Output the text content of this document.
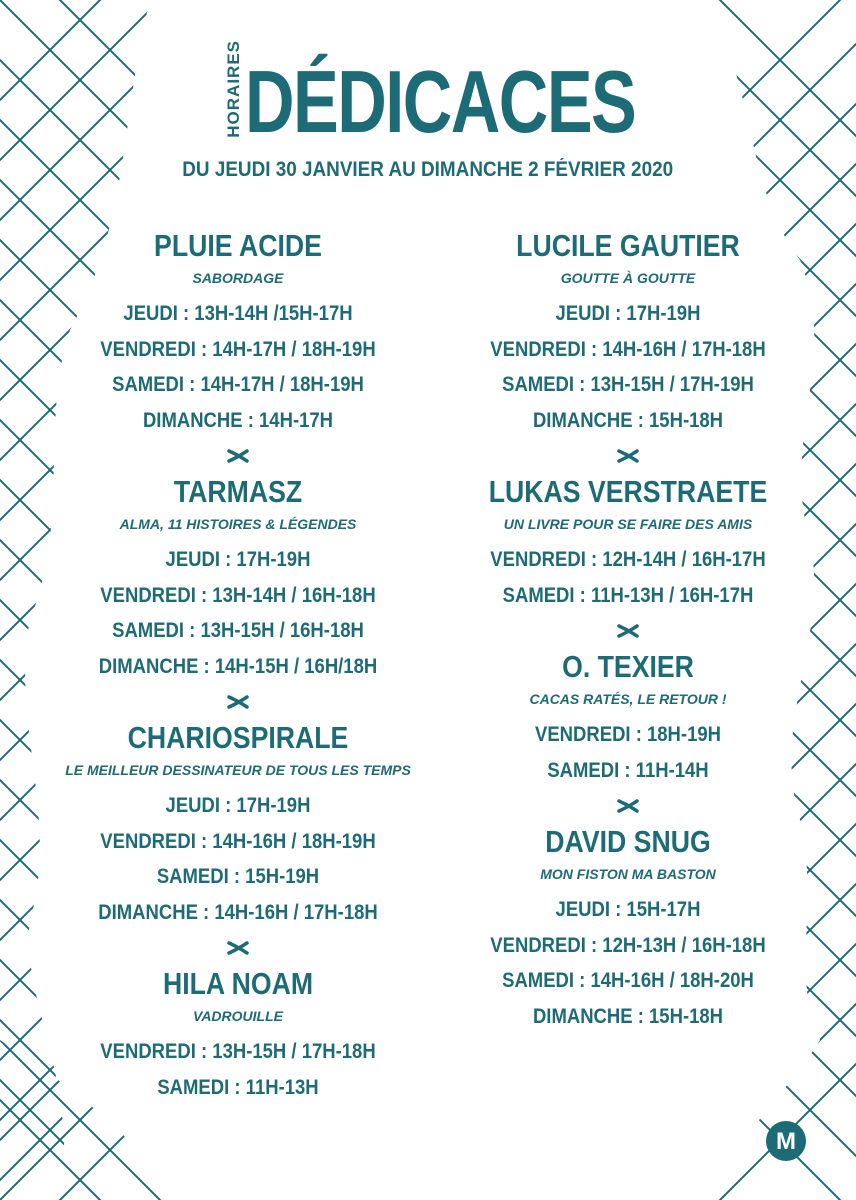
HORAIRES DÉDICACES
DU JEUDI 30 JANVIER AU DIMANCHE 2 FÉVRIER 2020
PLUIE ACIDE
SABORDAGE
JEUDI : 13H-14H /15H-17H
VENDREDI : 14H-17H / 18H-19H
SAMEDI : 14H-17H / 18H-19H
DIMANCHE : 14H-17H
TARMASZ
ALMA, 11 HISTOIRES & LÉGENDES
JEUDI : 17H-19H
VENDREDI : 13H-14H / 16H-18H
SAMEDI : 13H-15H / 16H-18H
DIMANCHE : 14H-15H / 16H/18H
CHARIOSPIRALE
LE MEILLEUR DESSINATEUR DE TOUS LES TEMPS
JEUDI : 17H-19H
VENDREDI : 14H-16H / 18H-19H
SAMEDI : 15H-19H
DIMANCHE : 14H-16H / 17H-18H
HILA NOAM
VADROUILLE
VENDREDI : 13H-15H / 17H-18H
SAMEDI : 11H-13H
LUCILE GAUTIER
GOUTTE À GOUTTE
JEUDI : 17H-19H
VENDREDI : 14H-16H / 17H-18H
SAMEDI : 13H-15H / 17H-19H
DIMANCHE : 15H-18H
LUKAS VERSTRAETE
UN LIVRE POUR SE FAIRE DES AMIS
VENDREDI : 12H-14H / 16H-17H
SAMEDI : 11H-13H / 16H-17H
O. TEXIER
CACAS RATÉS, LE RETOUR !
VENDREDI : 18H-19H
SAMEDI : 11H-14H
DAVID SNUG
MON FISTON MA BASTON
JEUDI : 15H-17H
VENDREDI : 12H-13H / 16H-18H
SAMEDI : 14H-16H / 18H-20H
DIMANCHE : 15H-18H
M
